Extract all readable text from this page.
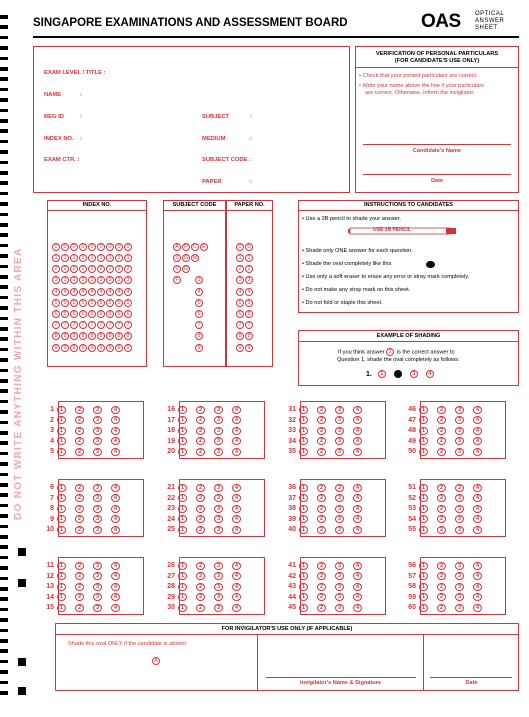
SINGAPORE EXAMINATIONS AND ASSESSMENT BOARD	OAS OPTICAL
ANSWER
SHEET
EXAM LEVEL / TITLE :
NAME	:
REG ID	:
INDEX NO. :
EXAM CTR. :
SUBJECT	:
MEDIUM	:
SUBJECT CODE :
PAPER	:
VERIFICATION OF PERSONAL PARTICULARS
(FOR CANDIDATE'S USE ONLY)
• Check that your printed particulars are correct.
• Write your name above the line if your particulars
are correct. Otherwise, inform the invigilator.
Candidate's Name
Date
DO NOT WRITE ANYTHING WITHIN THIS AREA
INDEX NO.
0 0 0 0 0 0 0 0 0
1 1 1 1 1 1 1 1 1
2 2 2 2 2 2 2 2 2
3 3 3 3 3 3 3 3 3
4 4 4 4 4 4 4 4 4
5 5 5 5 5 5 5 5 5
6 6 6 6 6 6 6 6 6
7 7 7 7 7 7 7 7 7
8 8 8 8 8 8 8 8 8
9 9 9 9 9 9 9 9 9
SUBJECT CODE
A P C E
S G M
0 G
F	3
4
5
6
7
8
9
PAPER NO.
0 0
1 1
2 2
3 3
4 4
5 5
6 6
7 7
8 8
9 9
INSTRUCTIONS TO CANDIDATES
• Use a 2B pencil to shade your answer.
USE 2B PENCIL
• Shade only ONE answer for each question.
• Shade the oval completely like this
• Use only a soft eraser to erase any error or stray mark completely.
• Do not make any stray mark on this sheet.
• Do not fold or staple this sheet.
EXAMPLE OF SHADING
If you think answer 2 is the correct answer to
Question 1, shade the oval completely as follows:
1. 1	3 4
1	1	2	3	4
2	1	2	3	4
3	1	2	3	4
4	1	2	3	4
5	1	2	3	4
6	1	2	3	4
7	1	2	3	4
8	1	2	3	4
9	1	2	3	4
10	1	2	3	4
11	1	2	3	4
12	1	2	3	4
13	1	2	3	4
14	1	2	3	4
15	1	2	3	4
16	1	2	3	4
17	1	2	3	4
18	1	2	3	4
19	1	2	3	4
20	1	2	3	4
21	1	2	3	4
22	1	2	3	4
23	1	2	3	4
24	1	2	3	4
25	1	2	3	4
26	1	2	3	4
27	1	2	3	4
28	1	2	3	4
29	1	2	3	4
30	1	2	3	4
31	1	2	3	4
32	1	2	3	4
33	1	2	3	4
34	1	2	3	4
35	1	2	3	4
36	1	2	3	4
37	1	2	3	4
38	1	2	3	4
39	1	2	3	4
40	1	2	3	4
41	1	2	3	4
42	1	2	3	4
43	1	2	3	4
44	1	2	3	4
45	1	2	3	4
46	1	2	3	4
47	1	2	3	4
48	1	2	3	4
49	1	2	3	4
50	1	2	3	4
51	1	2	3	4
52	1	2	3	4
53	1	2	3	4
54	1	2	3	4
55	1	2	3	4
56	1	2	3	4
57	1	2	3	4
58	1	2	3	4
59	1	2	3	4
60	1	2	3	4
FOR INVIGILATOR'S USE ONLY (IF APPLICABLE)
Shade this oval ONLY if the candidate is absent.
A
Invigilator's Name & Signature	Date
